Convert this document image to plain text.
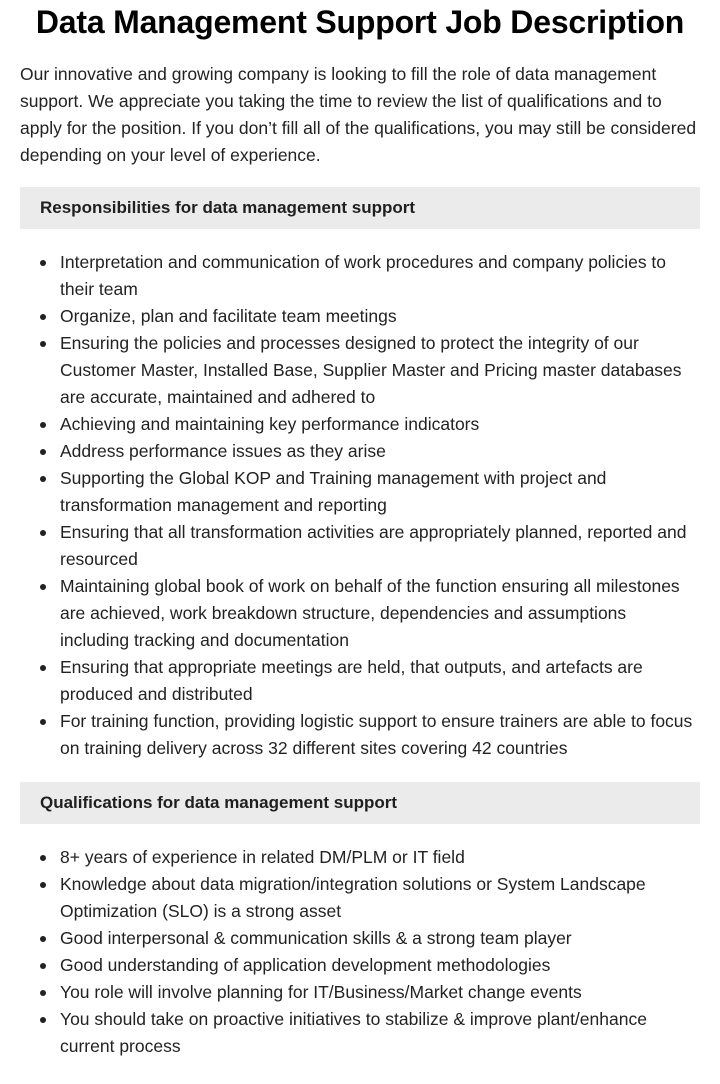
Data Management Support Job Description

Our innovative and growing company is looking to fill the role of data management support. We appreciate you taking the time to review the list of qualifications and to apply for the position. If you don’t fill all of the qualifications, you may still be considered depending on your level of experience.

Responsibilities for data management support
Interpretation and communication of work procedures and company policies to their team
Organize, plan and facilitate team meetings
Ensuring the policies and processes designed to protect the integrity of our Customer Master, Installed Base, Supplier Master and Pricing master databases are accurate, maintained and adhered to
Achieving and maintaining key performance indicators
Address performance issues as they arise
Supporting the Global KOP and Training management with project and transformation management and reporting
Ensuring that all transformation activities are appropriately planned, reported and resourced
Maintaining global book of work on behalf of the function ensuring all milestones are achieved, work breakdown structure, dependencies and assumptions including tracking and documentation
Ensuring that appropriate meetings are held, that outputs, and artefacts are produced and distributed
For training function, providing logistic support to ensure trainers are able to focus on training delivery across 32 different sites covering 42 countries
Qualifications for data management support
8+ years of experience in related DM/PLM or IT field
Knowledge about data migration/integration solutions or System Landscape Optimization (SLO) is a strong asset
Good interpersonal & communication skills & a strong team player
Good understanding of application development methodologies
You role will involve planning for IT/Business/Market change events
You should take on proactive initiatives to stabilize & improve plant/enhance current process
